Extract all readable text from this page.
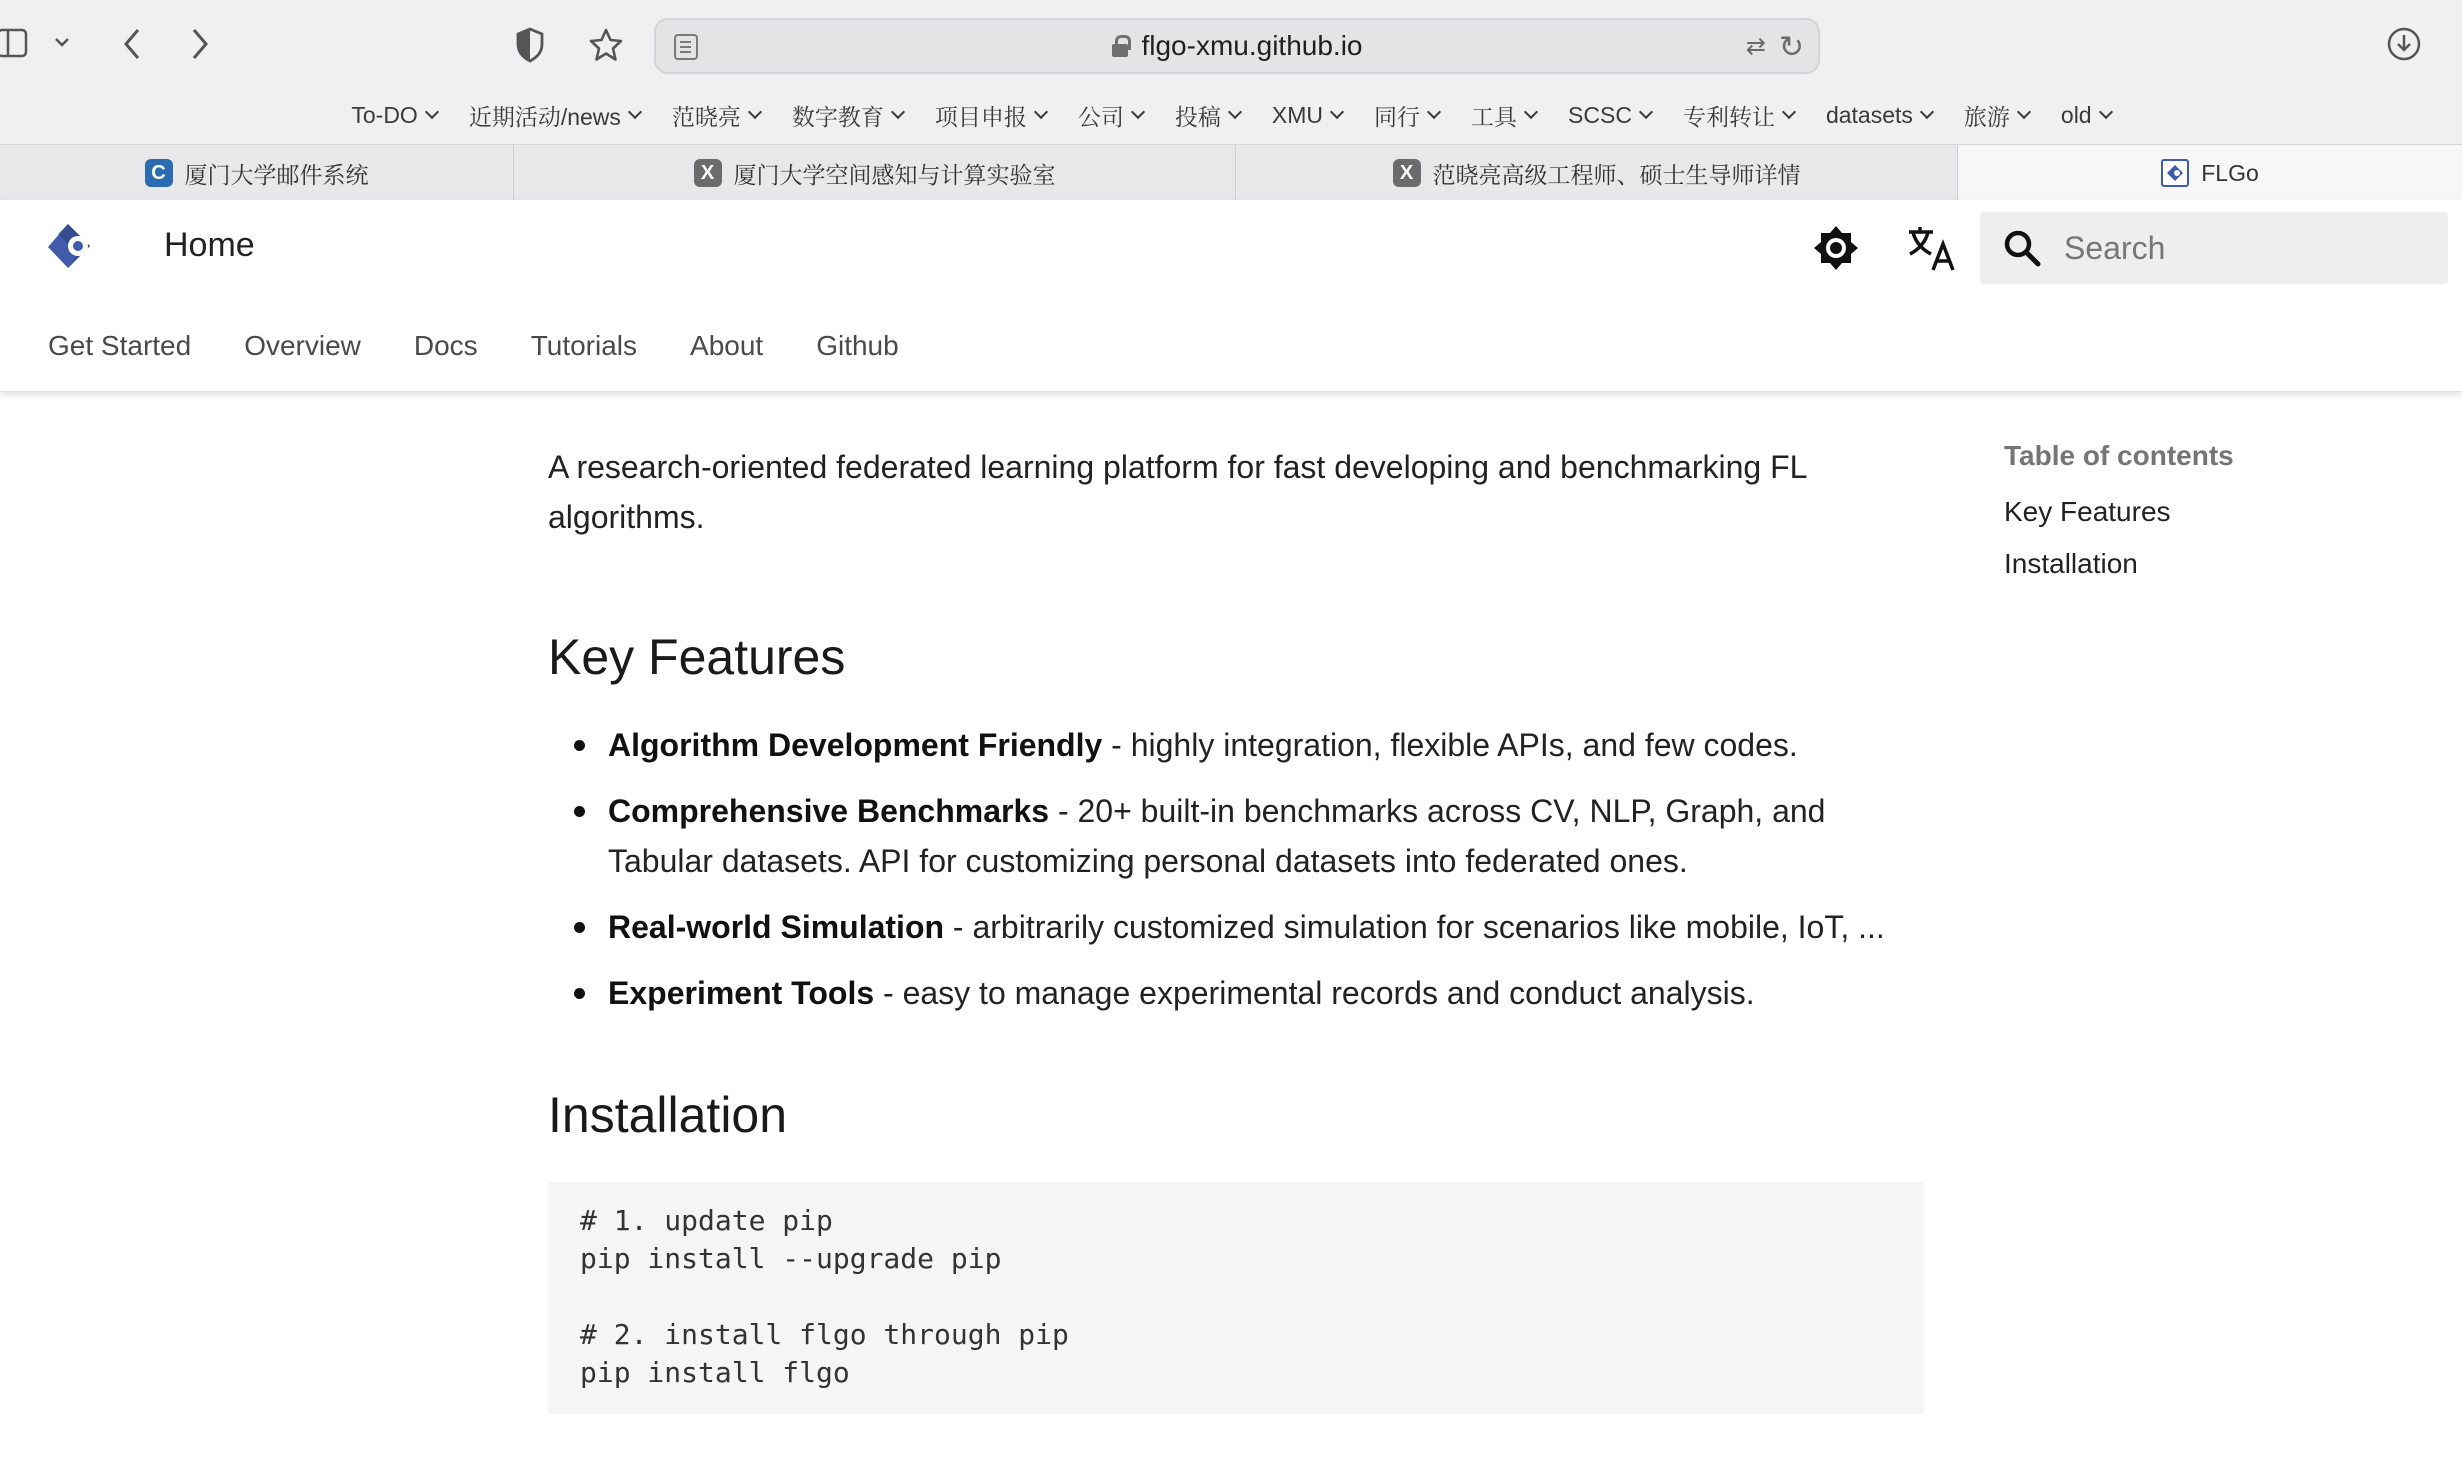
flgo-xmu.github.io	⇄ ↻
To-DO 近期活动/news 范晓亮 数字教育 项目申报 公司 投稿 XMU 同行 工具 SCSC 专利转让 datasets 旅游 old
C 厦门大学邮件系统	X 厦门大学空间感知与计算实验室	X 范晓亮高级工程师、硕士生导师详情	FLGo
Home
Search
Get Started Overview Docs Tutorials About Github

A research-oriented federated learning platform for fast developing and benchmarking FL algorithms.

Key Features
Algorithm Development Friendly - highly integration, flexible APIs, and few codes.
Comprehensive Benchmarks - 20+ built-in benchmarks across CV, NLP, Graph, and Tabular datasets. API for customizing personal datasets into federated ones.
Real-world Simulation - arbitrarily customized simulation for scenarios like mobile, IoT, ...
Experiment Tools - easy to manage experimental records and conduct analysis.
Installation
# 1. update pip
pip install --upgrade pip

# 2. install flgo through pip
pip install flgo
Table of contents
Key Features
Installation
